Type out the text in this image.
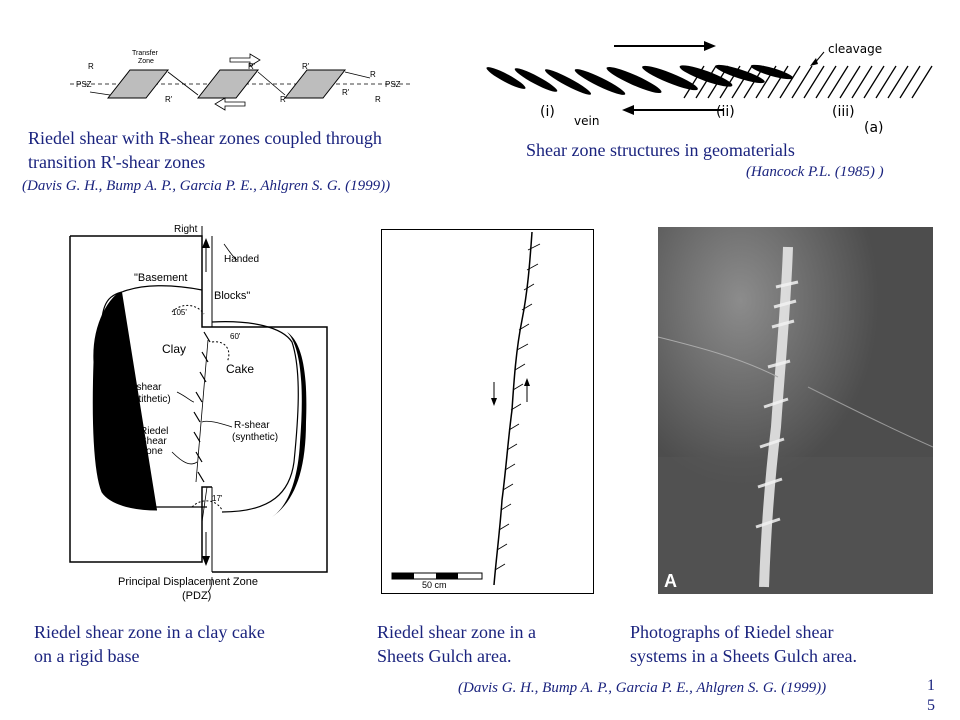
Transfer
Zone
R
PSZ	PSZ
R'
R'	R'
R'
R
R
R
Riedel shear with R-shear zones coupled through
transition R'-shear zones
(Davis G. H., Bump A. P., Garcia P. E., Ahlgren S. G. (1999))
cleavage
(i)
vein
(ii)	(iii)
(a)
Shear zone structures in geomaterials
(Hancock P.L. (1985) )
Right
Handed
"Basement
Blocks"
105'
60'
Clay
Cake
R'-shear
(antithetic)
Riedel
Shear
Zone
R-shear
(synthetic)
17'
Principal Displacement Zone
(PDZ)
Riedel shear zone in a clay cake
on a rigid base
50 cm
Riedel shear zone in a
Sheets Gulch area.
A
Photographs of Riedel shear
systems in a Sheets Gulch area.
(Davis G. H., Bump A. P., Garcia P. E., Ahlgren S. G. (1999))	1
5
